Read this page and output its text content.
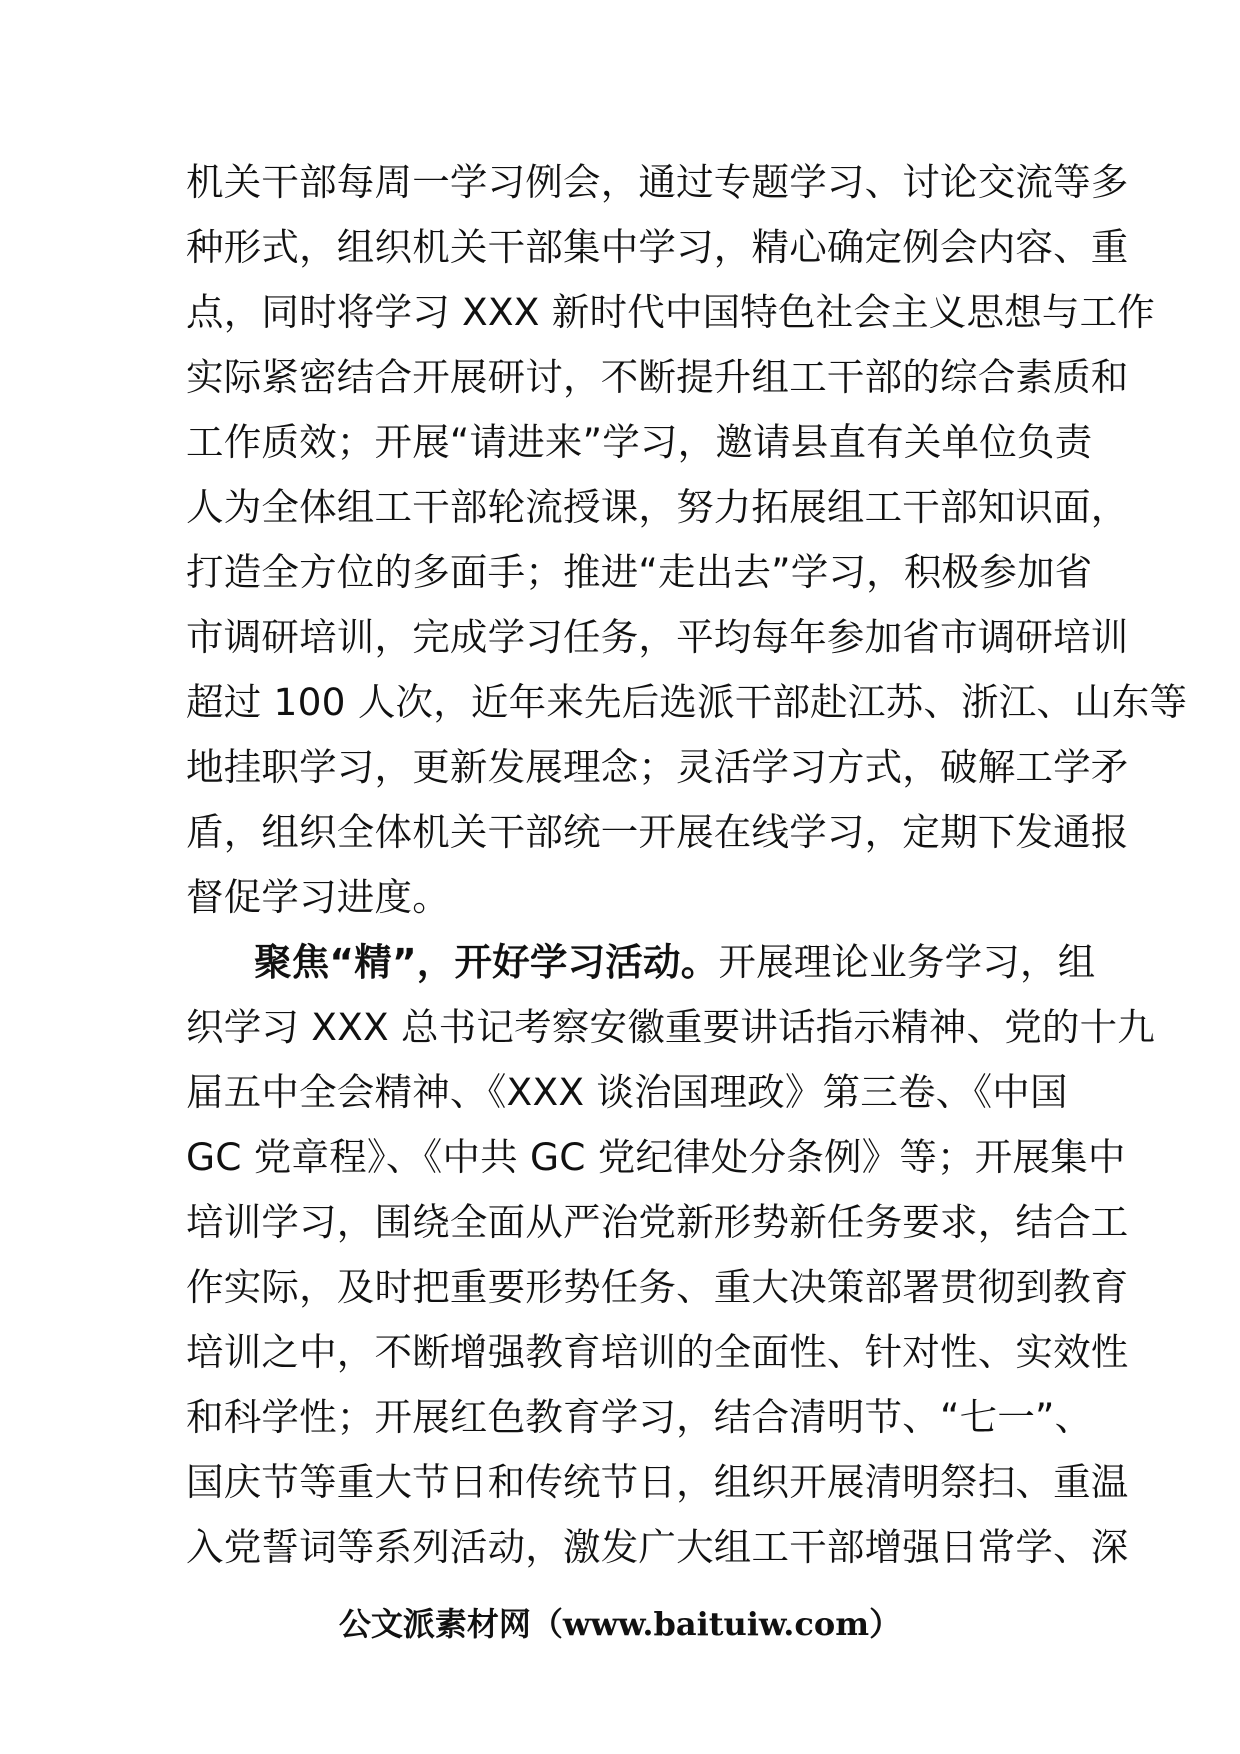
机关干部每周一学习例会，通过专题学习、讨论交流等多
种形式，组织机关干部集中学习，精心确定例会内容、重
点，同时将学习 XXX 新时代中国特色社会主义思想与工作
实际紧密结合开展研讨，不断提升组工干部的综合素质和
工作质效；开展“请进来”学习，邀请县直有关单位负责
人为全体组工干部轮流授课，努力拓展组工干部知识面，
打造全方位的多面手；推进“走出去”学习，积极参加省
市调研培训，完成学习任务，平均每年参加省市调研培训
超过 100 人次，近年来先后选派干部赴江苏、浙江、山东等
地挂职学习，更新发展理念；灵活学习方式，破解工学矛
盾，组织全体机关干部统一开展在线学习，定期下发通报
督促学习进度。
聚焦“精”，开好学习活动。开展理论业务学习，组
织学习 XXX 总书记考察安徽重要讲话指示精神、党的十九
届五中全会精神、《XXX 谈治国理政》第三卷、《中国
GC 党章程》、《中共 GC 党纪律处分条例》等；开展集中
培训学习，围绕全面从严治党新形势新任务要求，结合工
作实际，及时把重要形势任务、重大决策部署贯彻到教育
培训之中，不断增强教育培训的全面性、针对性、实效性
和科学性；开展红色教育学习，结合清明节、“七一”、
国庆节等重大节日和传统节日，组织开展清明祭扫、重温
入党誓词等系列活动，激发广大组工干部增强日常学、深
公文派素材网（www.baituiw.com）
